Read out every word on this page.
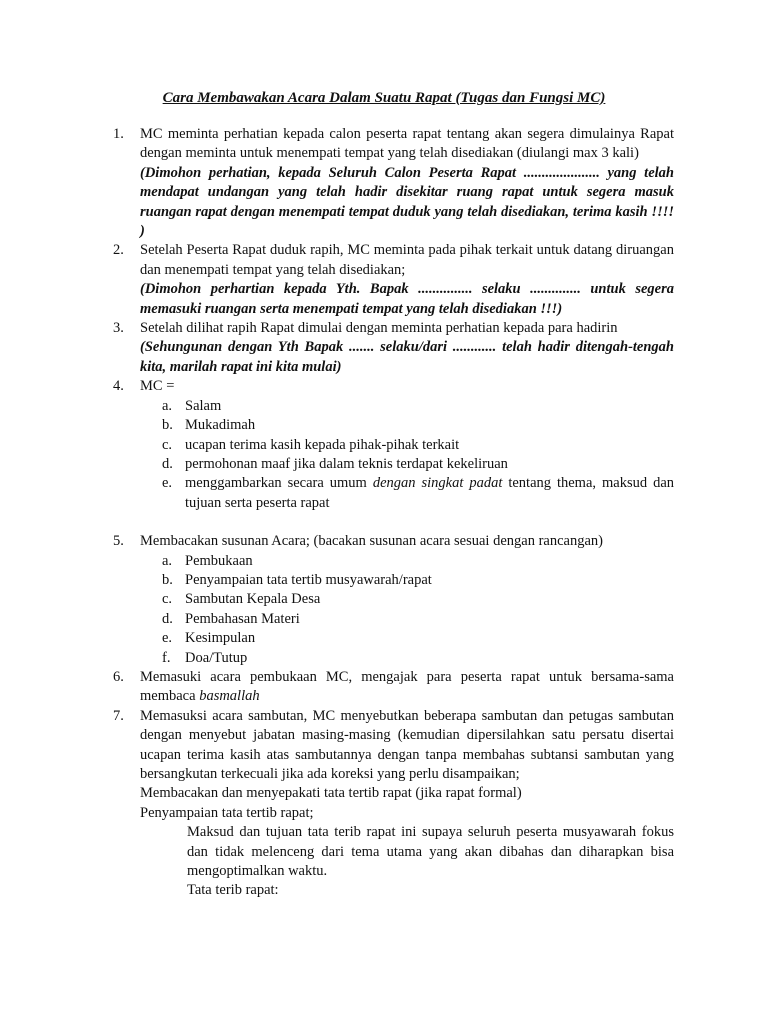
Cara Membawakan Acara Dalam Suatu Rapat (Tugas dan Fungsi MC)
1. MC meminta perhatian kepada calon peserta rapat tentang akan segera dimulainya Rapat dengan meminta untuk menempati tempat yang telah disediakan (diulangi max 3 kali)
(Dimohon perhatian, kepada Seluruh Calon Peserta Rapat ..................... yang telah mendapat undangan yang telah hadir disekitar ruang rapat untuk segera masuk ruangan rapat dengan menempati tempat duduk yang telah disediakan, terima kasih !!!! )
2. Setelah Peserta Rapat duduk rapih, MC meminta pada pihak terkait untuk datang diruangan dan menempati tempat yang telah disediakan;
(Dimohon perhartian kepada Yth. Bapak ............... selaku .............. untuk segera memasuki ruangan serta menempati tempat yang telah disediakan !!!)
3. Setelah dilihat rapih Rapat dimulai dengan meminta perhatian kepada para hadirin
(Sehungunan dengan Yth Bapak ....... selaku/dari ............ telah hadir ditengah-tengah kita, marilah rapat ini kita mulai)
4. MC =
a. Salam
b. Mukadimah
c. ucapan terima kasih kepada pihak-pihak terkait
d. permohonan maaf jika dalam teknis terdapat kekeliruan
e. menggambarkan secara umum dengan singkat padat tentang thema, maksud dan tujuan serta peserta rapat
5. Membacakan susunan Acara; (bacakan susunan acara sesuai dengan rancangan)
a. Pembukaan
b. Penyampaian tata tertib musyawarah/rapat
c. Sambutan Kepala Desa
d. Pembahasan Materi
e. Kesimpulan
f. Doa/Tutup
6. Memasuki acara pembukaan MC, mengajak para peserta rapat untuk bersama-sama membaca basmallah
7. Memasuksi acara sambutan, MC menyebutkan beberapa sambutan dan petugas sambutan dengan menyebut jabatan masing-masing (kemudian dipersilahkan satu persatu disertai ucapan terima kasih atas sambutannya dengan tanpa membahas subtansi sambutan yang bersangkutan terkecuali jika ada koreksi yang perlu disampaikan;
Membacakan dan menyepakati tata tertib rapat (jika rapat formal)
Penyampaian tata tertib rapat;
Maksud dan tujuan tata terib rapat ini supaya seluruh peserta musyawarah fokus dan tidak melenceng dari tema utama yang akan dibahas dan diharapkan bisa mengoptimalkan waktu.
Tata terib rapat:
